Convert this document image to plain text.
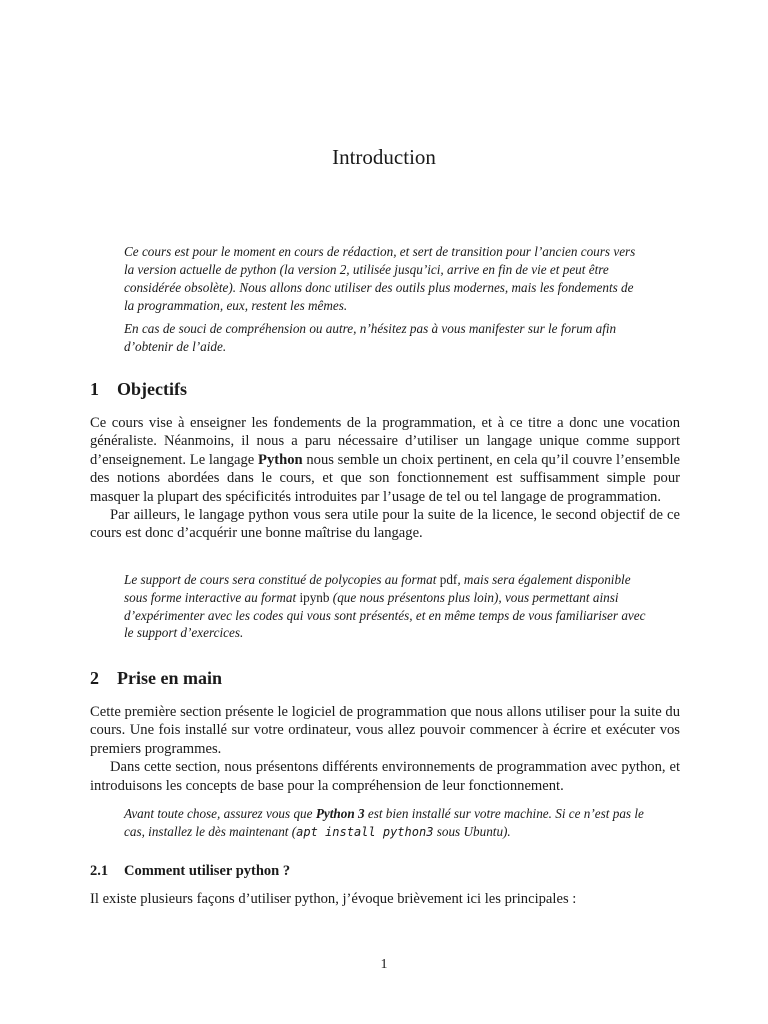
Introduction

Ce cours est pour le moment en cours de rédaction, et sert de transition pour l’ancien cours vers la version actuelle de python (la version 2, utilisée jusqu’ici, arrive en fin de vie et peut être considérée obsolète). Nous allons donc utiliser des outils plus modernes, mais les fondements de la programmation, eux, restent les mêmes.

En cas de souci de compréhension ou autre, n’hésitez pas à vous manifester sur le forum afin d’obtenir de l’aide.

1 Objectifs

Ce cours vise à enseigner les fondements de la programmation, et à ce titre a donc une vocation généraliste. Néanmoins, il nous a paru nécessaire d’utiliser un langage unique comme support d’enseignement. Le langage Python nous semble un choix pertinent, en cela qu’il couvre l’ensemble des notions abordées dans le cours, et que son fonctionnement est suffisamment simple pour masquer la plupart des spécificités introduites par l’usage de tel ou tel langage de programmation.

Par ailleurs, le langage python vous sera utile pour la suite de la licence, le second objectif de ce cours est donc d’acquérir une bonne maîtrise du langage.

Le support de cours sera constitué de polycopies au format pdf, mais sera également disponible sous forme interactive au format ipynb (que nous présentons plus loin), vous permettant ainsi d’expérimenter avec les codes qui vous sont présentés, et en même temps de vous familiariser avec le support d’exercices.

2 Prise en main

Cette première section présente le logiciel de programmation que nous allons utiliser pour la suite du cours. Une fois installé sur votre ordinateur, vous allez pouvoir commencer à écrire et exécuter vos premiers programmes.

Dans cette section, nous présentons différents environnements de programmation avec python, et introduisons les concepts de base pour la compréhension de leur fonctionnement.

Avant toute chose, assurez vous que Python 3 est bien installé sur votre machine. Si ce n’est pas le cas, installez le dès maintenant (apt install python3 sous Ubuntu).

2.1 Comment utiliser python ?

Il existe plusieurs façons d’utiliser python, j’évoque brièvement ici les principales :

1
